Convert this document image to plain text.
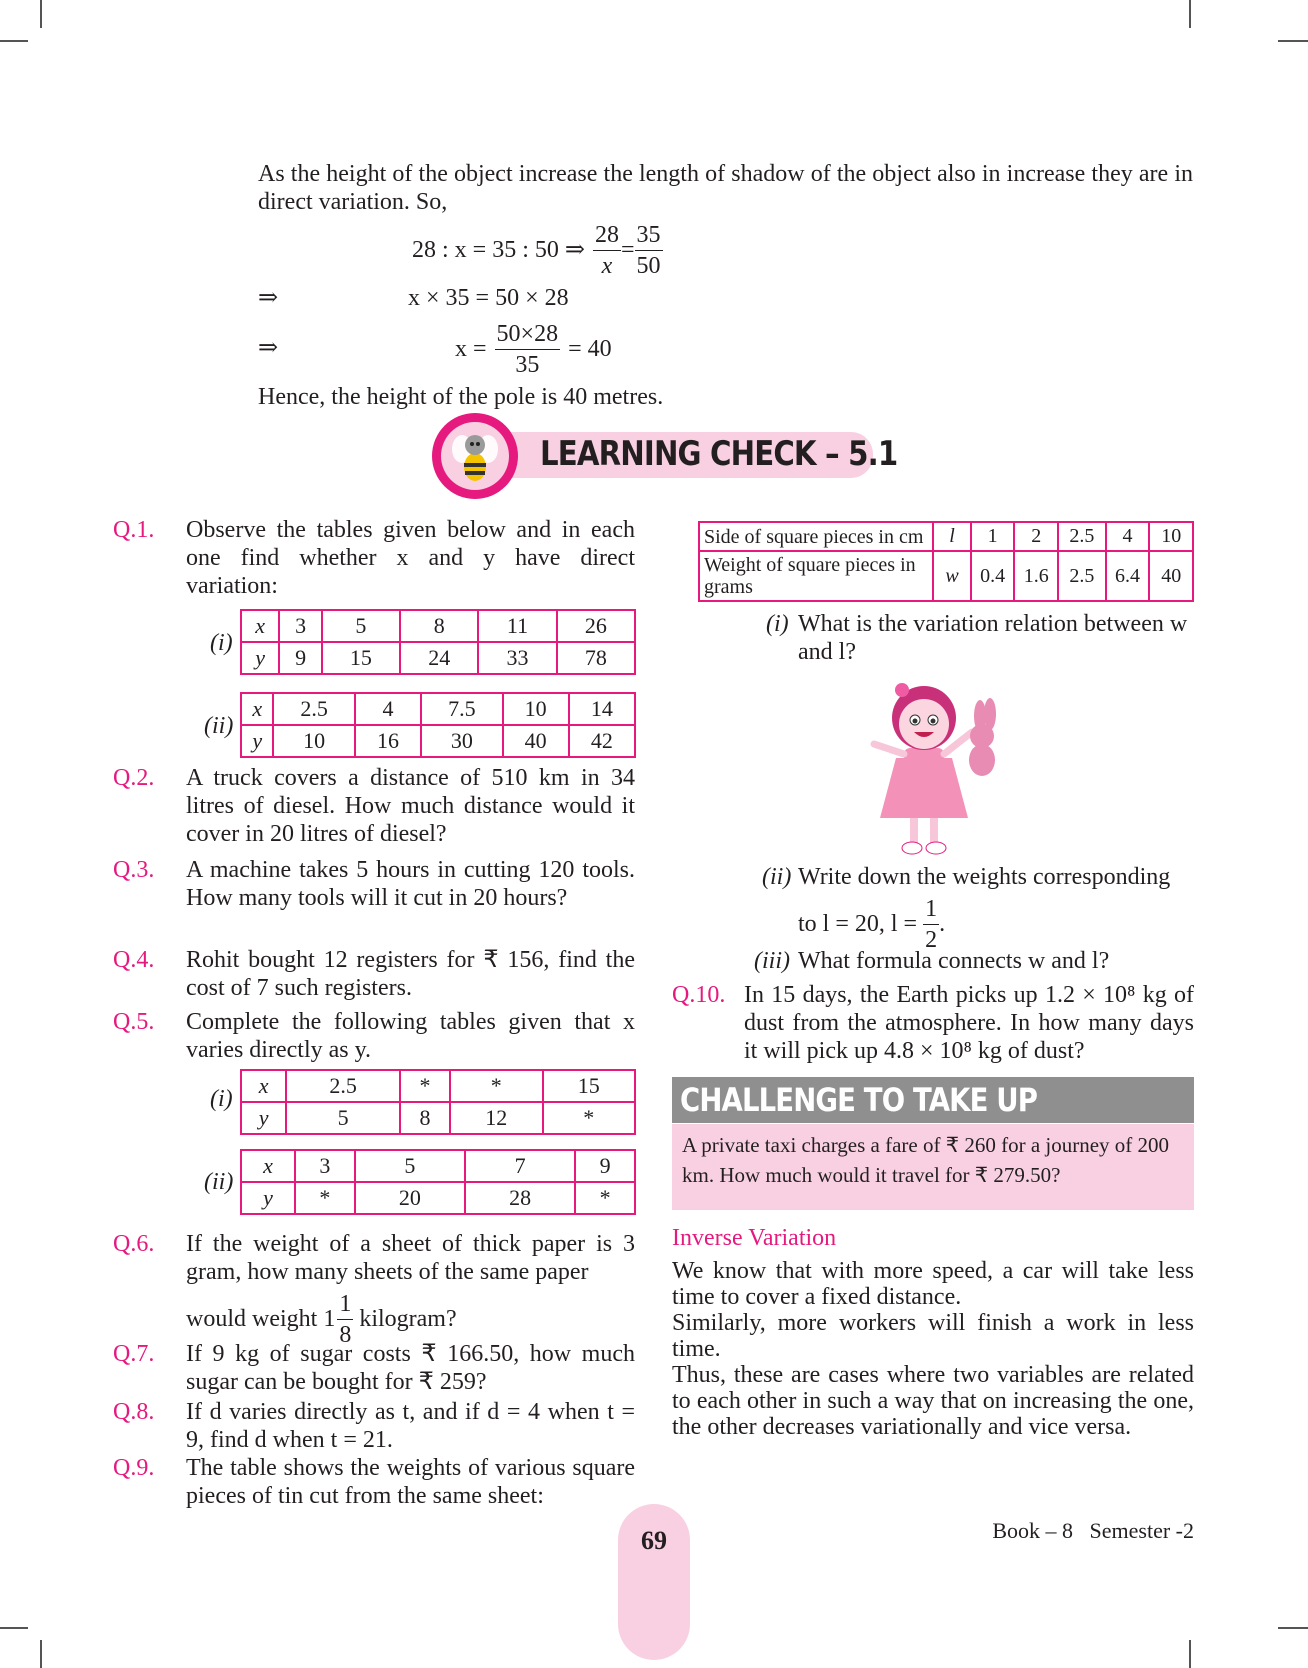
As the height of the object increase the length of shadow of the object also in increase they are in direct variation. So,
28 : x = 35 : 50 ⇒ $\frac{28}{x} = \frac{35}{50}$
⇒	x × 35 = 50 × 28
⇒	$x = \frac{50\times 28}{35} = 40$
Hence, the height of the pole is 40 metres.
LEARNING CHECK – 5.1
Q.1. Observe the tables given below and in each one find whether x and y have direct variation:
(i)
x	3	5	8	11	26
y	9	15	24	33	78
(ii)
x	2.5	4	7.5	10	14
y	10	16	30	40	42
Q.2. A truck covers a distance of 510 km in 34 litres of diesel. How much distance would it cover in 20 litres of diesel?
Q.3. A machine takes 5 hours in cutting 120 tools. How many tools will it cut in 20 hours?
Q.4. Rohit bought 12 registers for ₹ 156, find the cost of 7 such registers.
Q.5. Complete the following tables given that x varies directly as y.
(i)
x	2.5	*	*	15
y	5	8	12	*
(ii)
x	3	5	7	9
y	*	20	28	*
Q.6. If the weight of a sheet of thick paper is 3 gram, how many sheets of the same paper
would weight $1 \frac{1}{8}$ kilogram?
Q.7. If 9 kg of sugar costs ₹ 166.50, how much sugar can be bought for ₹ 259?
Q.8. If d varies directly as t, and if d = 4 when t = 9, find d when t = 21.
Q.9. The table shows the weights of various square pieces of tin cut from the same sheet:
Side of square pieces in cm	l	1	2	2.5	4	10
Weight of square pieces in grams	w	0.4	1.6	2.5	6.4	40
(i) What is the variation relation between w and l?
(ii) Write down the weights corresponding
to l = 20, $l = \frac{1}{2}$ .
(iii) What formula connects w and l?
Q.10. In 15 days, the Earth picks up 1.2 × 10⁸ kg of dust from the atmosphere. In how many days it will pick up 4.8 × 10⁸ kg of dust?
CHALLENGE TO TAKE UP
A private taxi charges a fare of ₹ 260 for a journey of 200 km. How much would it travel for ₹ 279.50?
Inverse Variation
We know that with more speed, a car will take less time to cover a fixed distance.
Similarly, more workers will finish a work in less time.
Thus, these are cases where two variables are related to each other in such a way that on increasing the one, the other decreases variationally and vice versa.
69	Book – 8   Semester -2
